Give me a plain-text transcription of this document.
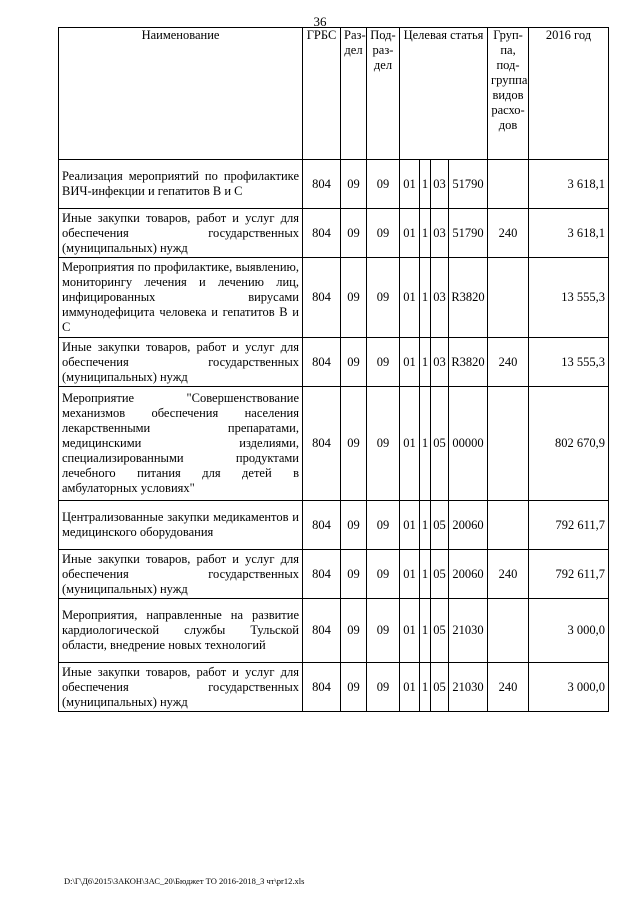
36
Наименование	ГРБС	Раз-дел	Под-раз-дел	Целевая статья				Груп-па, под-группа видов расхо-дов	2016 год
Реализация мероприятий по профилактике ВИЧ-инфекции и гепатитов В и С	804	09	09	01	1	03	51790		3 618,1
Иные закупки товаров, работ и услуг для обеспечения государственных (муниципальных) нужд	804	09	09	01	1	03	51790	240	3 618,1
Мероприятия по профилактике, выявлению, мониторингу лечения и лечению лиц, инфицированных вирусами иммунодефицита человека и гепатитов В и С	804	09	09	01	1	03	R3820		13 555,3
Иные закупки товаров, работ и услуг для обеспечения государственных (муниципальных) нужд	804	09	09	01	1	03	R3820	240	13 555,3
Мероприятие "Совершенствование механизмов обеспечения населения лекарственными препаратами, медицинскими изделиями, специализированными продуктами лечебного питания для детей в амбулаторных условиях"	804	09	09	01	1	05	00000		802 670,9
Централизованные закупки медикаментов и медицинского оборудования	804	09	09	01	1	05	20060		792 611,7
Иные закупки товаров, работ и услуг для обеспечения государственных (муниципальных) нужд	804	09	09	01	1	05	20060	240	792 611,7
Мероприятия, направленные на развитие кардиологической службы Тульской области, внедрение новых технологий	804	09	09	01	1	05	21030		3 000,0
Иные закупки товаров, работ и услуг для обеспечения государственных (муниципальных) нужд	804	09	09	01	1	05	21030	240	3 000,0
D:\Г\Д6\2015\ЗАКОН\ЗАС_20\Бюджет ТО 2016-2018_3 чт\pr12.xls
